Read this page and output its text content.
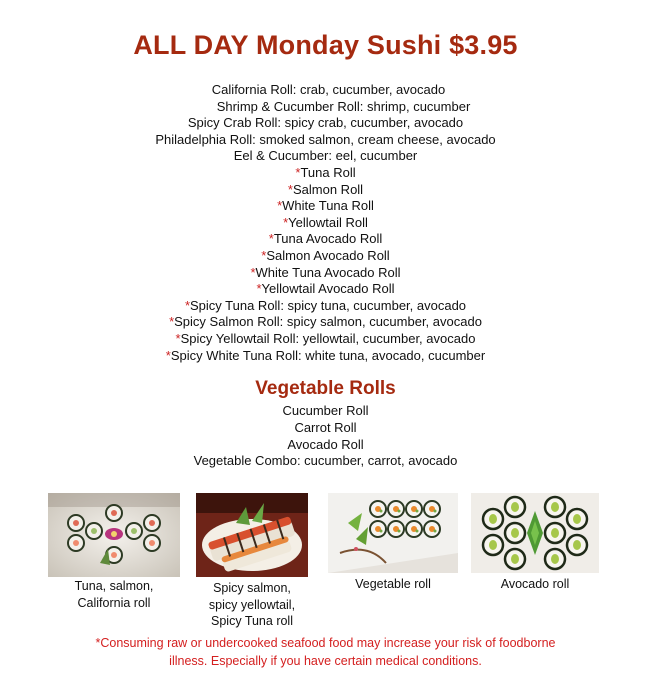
ALL DAY Monday Sushi $3.95
California Roll: crab, cucumber, avocado
Shrimp & Cucumber Roll: shrimp, cucumber
Spicy Crab Roll: spicy crab, cucumber, avocado
Philadelphia Roll: smoked salmon, cream cheese, avocado
Eel & Cucumber: eel, cucumber
*Tuna Roll
*Salmon Roll
*White Tuna Roll
*Yellowtail Roll
*Tuna Avocado Roll
*Salmon Avocado Roll
*White Tuna Avocado Roll
*Yellowtail Avocado Roll
*Spicy Tuna Roll: spicy tuna, cucumber, avocado
*Spicy Salmon Roll: spicy salmon, cucumber, avocado
*Spicy Yellowtail Roll: yellowtail, cucumber, avocado
*Spicy White Tuna Roll: white tuna, avocado, cucumber
Vegetable Rolls
Cucumber Roll
Carrot Roll
Avocado Roll
Vegetable Combo: cucumber, carrot, avocado
Tuna, salmon,
California roll
Spicy salmon,
spicy yellowtail,
Spicy Tuna roll
Vegetable roll	Avocado roll
*Consuming raw or undercooked seafood food may increase your risk of foodborne
illness. Especially if you have certain medical conditions.
